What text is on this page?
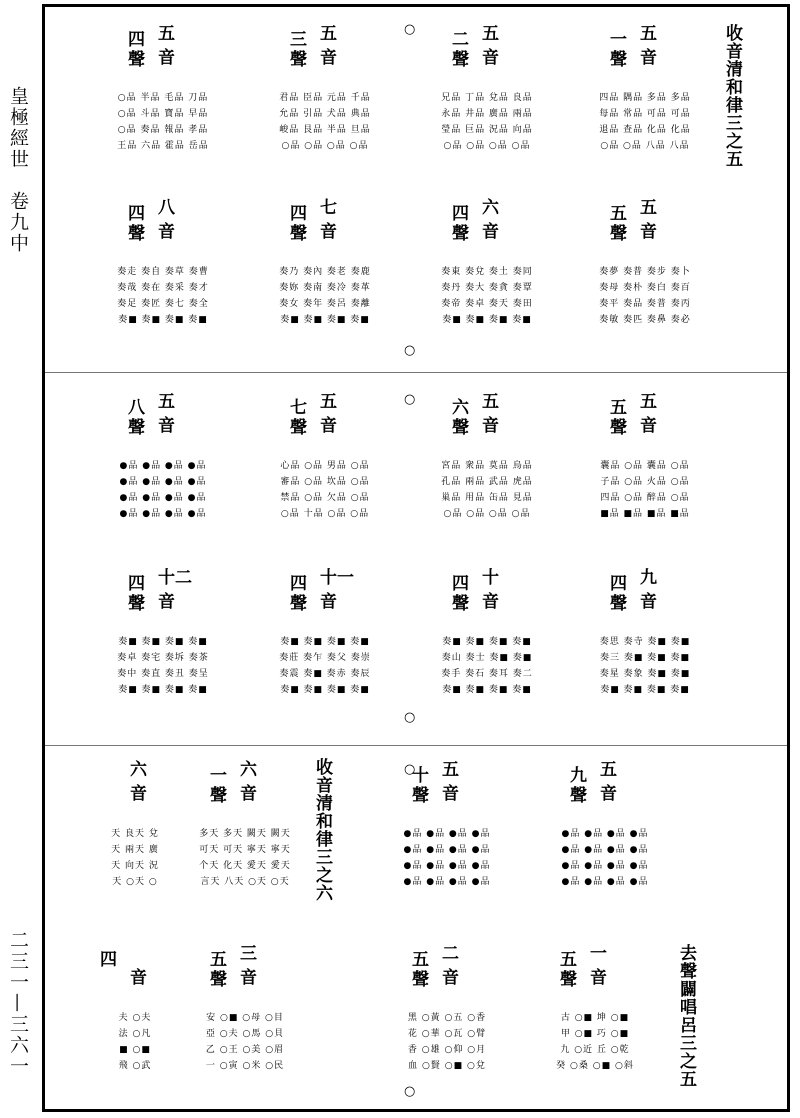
皇極經世　卷九中
二三一—三六一
收音清和律三之五
收音清和律三之六
去聲闢唱呂三之五
○
○
○
○
○
○
五
一
音
聲
四品 隅品 多品 多品
每品 常品 可品 可品
退品 查品 化品 化品
○品 ○品 八品 八品
五
二
音
聲
兄品 丁品 兌品 良品
永品 井品 廣品 兩品
瑩品 巨品 況品 向品
○品 ○品 ○品 ○品
五
三
音
聲
君品 臣品 元品 千品
允品 引品 犬品 典品
峻品 艮品 半品 旦品
○品 ○品 ○品 ○品
五
四
音
聲
○品 半品 毛品 刀品
○品 斗品 寶品 早品
○品 奏品 報品 孝品
王品 六品 霍品 岳品
五
五
音
聲
奏夢 奏普 奏步 奏卜
奏母 奏朴 奏白 奏百
奏平 奏品 奏普 奏丙
奏敏 奏匹 奏鼻 奏必
六
四
音
聲
奏東 奏兌 奏土 奏同
奏丹 奏大 奏貪 奏覃
奏帝 奏卓 奏天 奏田
奏■ 奏■ 奏■ 奏■
七
四
音
聲
奏乃 奏內 奏老 奏鹿
奏妳 奏南 奏冷 奏革
奏女 奏年 奏呂 奏離
奏■ 奏■ 奏■ 奏■
八
四
音
聲
奏走 奏自 奏草 奏曹
奏哉 奏在 奏采 奏才
奏足 奏匠 奏七 奏全
奏■ 奏■ 奏■ 奏■
五
五
音
聲
囊品 ○品 囊品 ○品
子品 ○品 火品 ○品
四品 ○品 醉品 ○品
■品 ■品 ■品 ■品
五
六
音
聲
宮品 衆品 莫品 烏品
孔品 兩品 武品 虎品
巢品 用品 缶品 見品
○品 ○品 ○品 ○品
五
七
音
聲
心品 ○品 男品 ○品
審品 ○品 坎品 ○品
禁品 ○品 欠品 ○品
○品 十品 ○品 ○品
五
八
音
聲
●品 ●品 ●品 ●品
●品 ●品 ●品 ●品
●品 ●品 ●品 ●品
●品 ●品 ●品 ●品
九
四
音
聲
奏思 奏寺 奏■ 奏■
奏三 奏■ 奏■ 奏■
奏星 奏象 奏■ 奏■
奏■ 奏■ 奏■ 奏■
十
四
音
聲
奏■ 奏■ 奏■ 奏■
奏山 奏士 奏■ 奏■
奏手 奏石 奏耳 奏二
奏■ 奏■ 奏■ 奏■
十一
四
音
聲
奏■ 奏■ 奏■ 奏■
奏莊 奏乍 奏父 奏崇
奏震 奏■ 奏赤 奏辰
奏■ 奏■ 奏■ 奏■
十二
四
音
聲
奏■ 奏■ 奏■ 奏■
奏卓 奏宅 奏坼 奏茶
奏中 奏直 奏丑 奏呈
奏■ 奏■ 奏■ 奏■
五
九
音
聲
●品 ●品 ●品 ●品
●品 ●品 ●品 ●品
●品 ●品 ●品 ●品
●品 ●品 ●品 ●品
五
十
音
聲
●品 ●品 ●品 ●品
●品 ●品 ●品 ●品
●品 ●品 ●品 ●品
●品 ●品 ●品 ●品
六
一
音
聲
多天 多天 闕天 闕天
可天 可天 寧天 寧天
个天 化天 愛天 愛天
言天 八天 ○天 ○天
六
音
天 良天 兌
天 兩天 廣
天 向天 況
天 ○天 ○
一
五
音
聲
古 ○■ 坤 ○■
甲 ○■ 巧 ○■
九 ○近 丘 ○乾
癸 ○桑 ○■ ○斜
二
五
音
聲
黑 ○黃 ○五 ○香
花 ○華 ○瓦 ○臂
香 ○雄 ○仰 ○月
血 ○賢 ○■ ○兌
三
五
音
聲
安 ○■ ○母 ○目
亞 ○夫 ○馬 ○貝
乙 ○王 ○美 ○眉
一 ○寅 ○米 ○民
四
音
夫 ○夫
法 ○凡
■ ○■
飛 ○武
